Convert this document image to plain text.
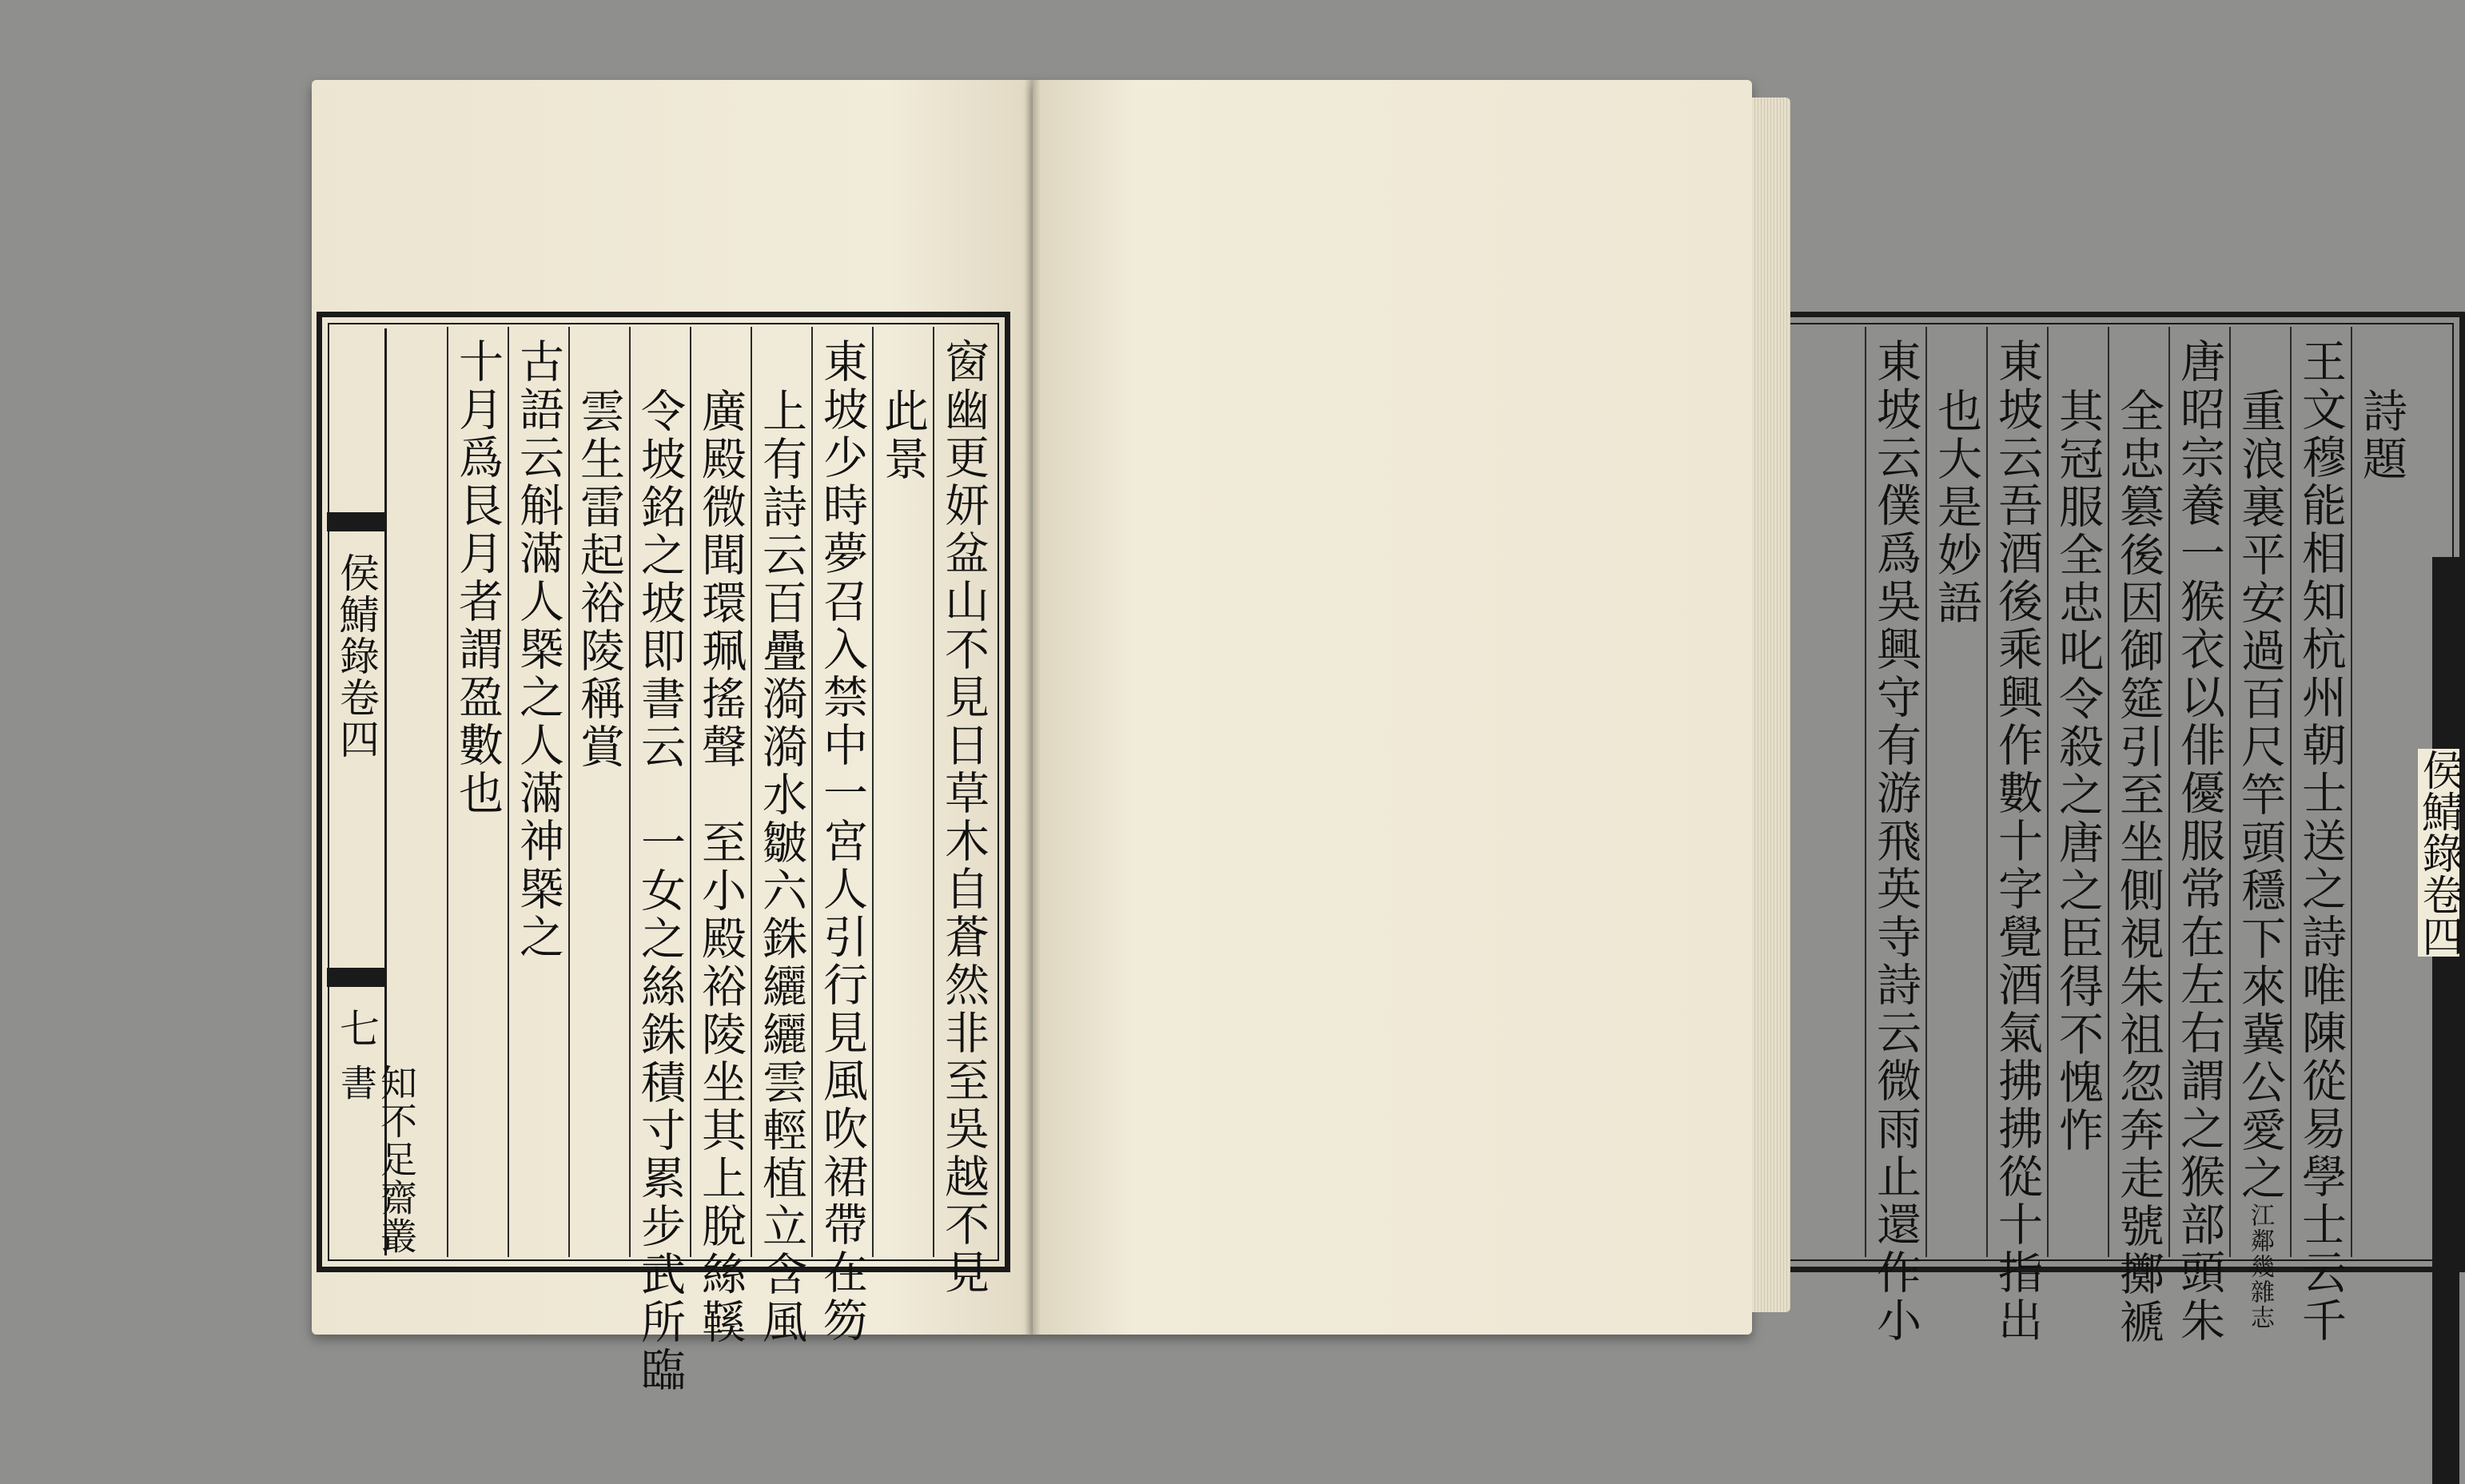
侯鯖錄卷四
七
知不足齋叢書	窗幽更妍盆山不見日草木自蒼然非至吳越不見
此景
東坡少時夢召入禁中一宮人引行見風吹裙帶在笏
上有詩云百疊漪漪水皺六銖纚纚雲輕植立含風
廣殿微聞環珮搖聲　至小殿裕陵坐其上脫絲鞵
令坡銘之坡即書云　一女之絲銖積寸累步武所臨
雲生雷起裕陵稱賞
古語云斛滿人槩之人滿神槩之
十月爲艮月者謂盈數也
侯鯖錄卷四
詩題
王文穆能相知杭州朝士送之詩唯陳從易學士云千
重浪裏平安過百尺竿頭穩下來冀公愛之江鄰幾雜志
唐昭宗養一猴衣以俳優服常在左右謂之猴部頭朱
全忠篡後因御筵引至坐側視朱祖忽奔走號擲褫
其冠服全忠叱令殺之唐之臣得不愧怍
東坡云吾酒後乘興作數十字覺酒氣拂拂從十指出
也大是妙語
東坡云僕爲吳興守有游飛英寺詩云微雨止還作小
